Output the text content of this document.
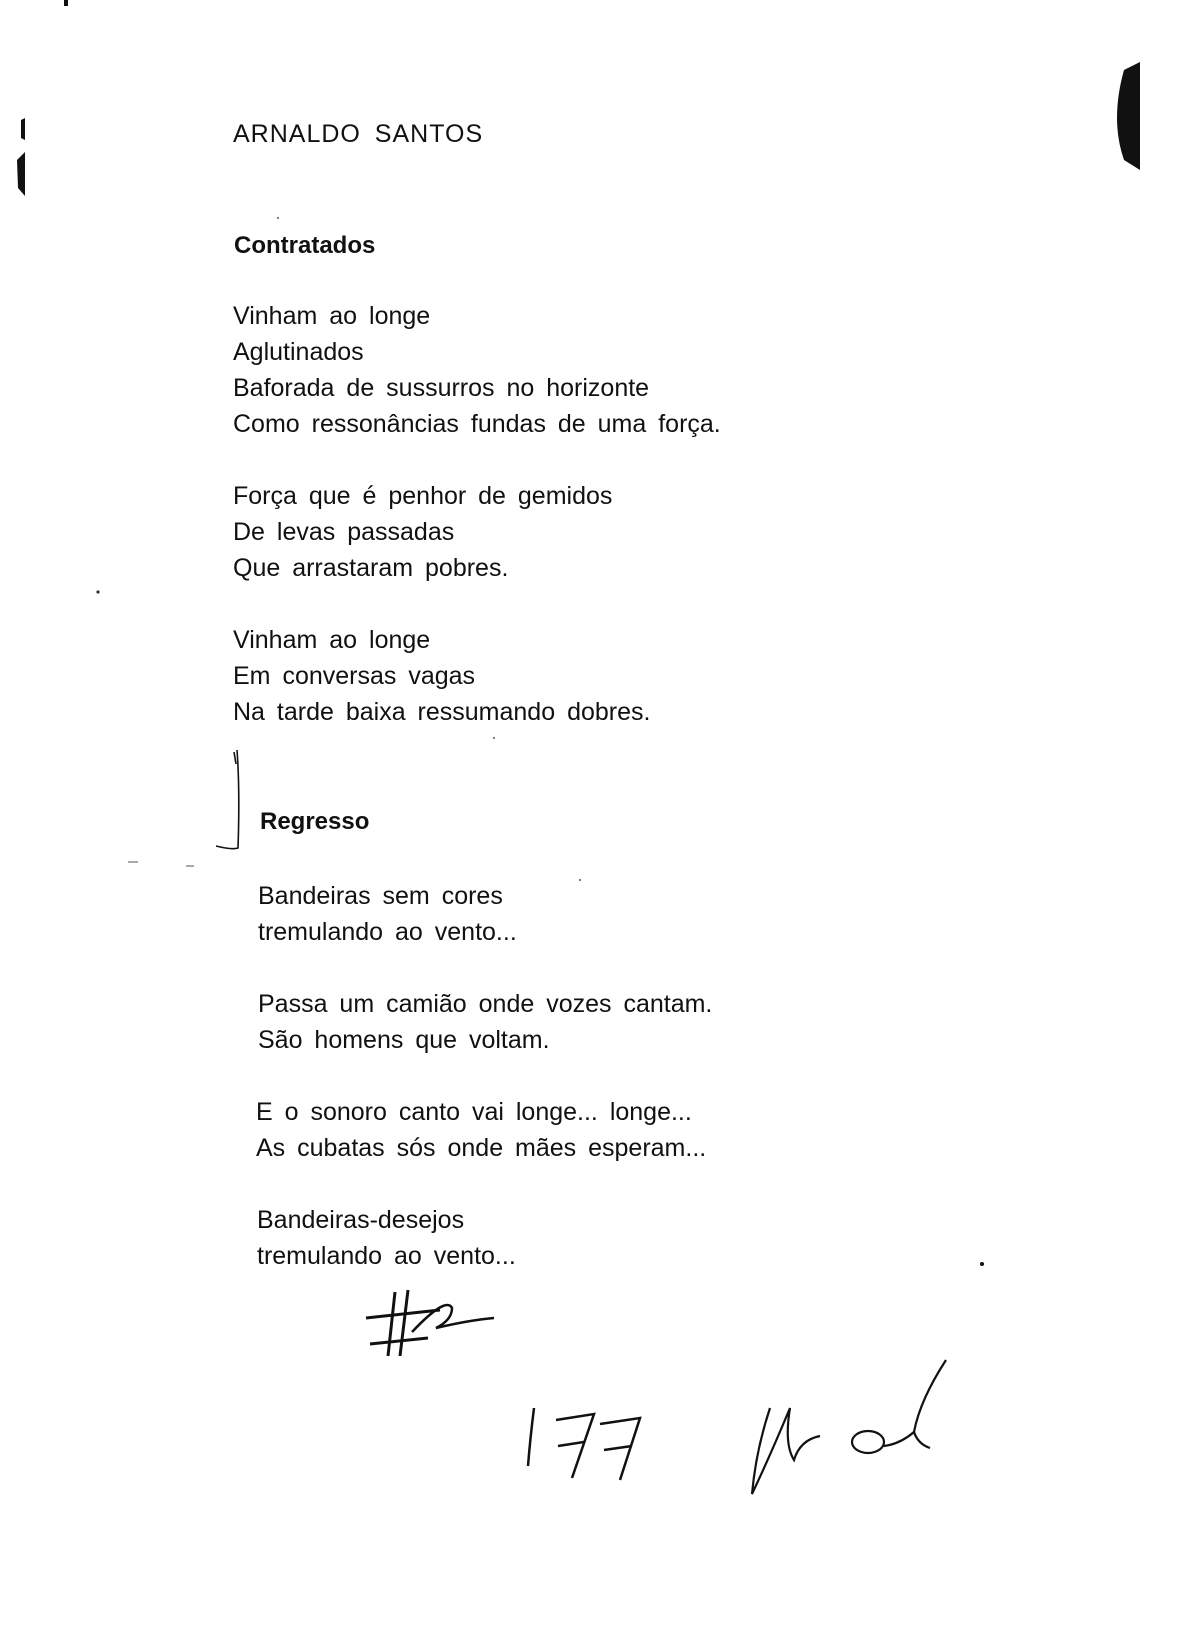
ARNALDO SANTOS
Contratados
Vinham ao longe
Aglutinados
Baforada de sussurros no horizonte
Como ressonâncias fundas de uma força.
Força que é penhor de gemidos
De levas passadas
Que arrastaram pobres.
Vinham ao longe
Em conversas vagas
Na tarde baixa ressumando dobres.
Regresso
Bandeiras sem cores
tremulando ao vento...
Passa um camião onde vozes cantam.
São homens que voltam.
E o sonoro canto vai longe... longe...
As cubatas sós onde mães esperam...
Bandeiras-desejos
tremulando ao vento...
